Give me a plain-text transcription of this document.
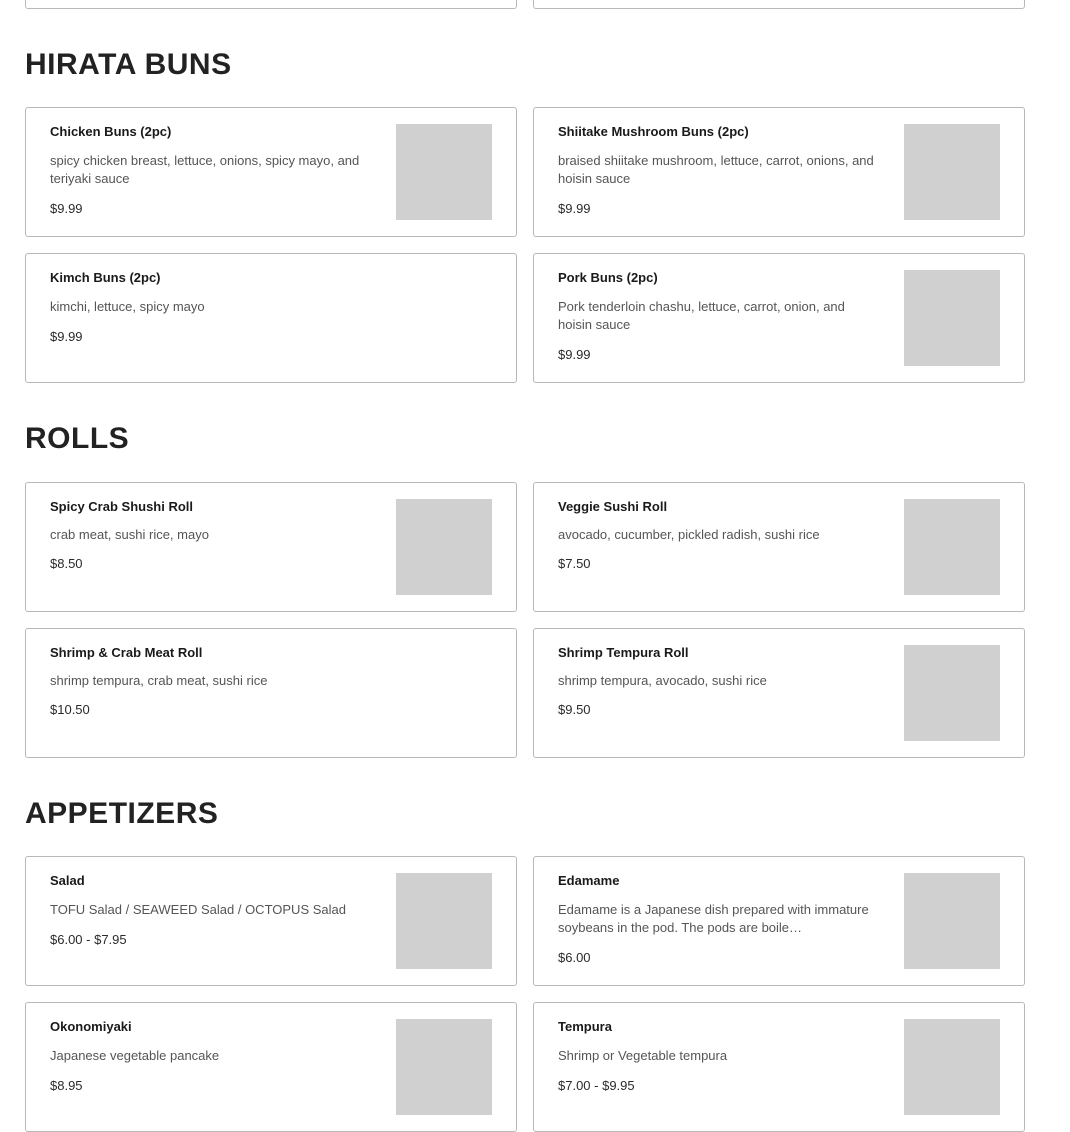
HIRATA BUNS
Chicken Buns (2pc)
spicy chicken breast, lettuce, onions, spicy mayo, and teriyaki sauce
$9.99
Shiitake Mushroom Buns (2pc)
braised shiitake mushroom, lettuce, carrot, onions, and hoisin sauce
$9.99
Kimch Buns (2pc)
kimchi, lettuce, spicy mayo
$9.99
Pork Buns (2pc)
Pork tenderloin chashu, lettuce, carrot, onion, and hoisin sauce
$9.99
ROLLS
Spicy Crab Shushi Roll
crab meat, sushi rice, mayo
$8.50
Veggie Sushi Roll
avocado, cucumber, pickled radish, sushi rice
$7.50
Shrimp & Crab Meat Roll
shrimp tempura, crab meat, sushi rice
$10.50
Shrimp Tempura Roll
shrimp tempura, avocado, sushi rice
$9.50
APPETIZERS
Salad
TOFU Salad / SEAWEED Salad / OCTOPUS Salad
$6.00 - $7.95
Edamame
Edamame is a Japanese dish prepared with immature soybeans in the pod. The pods are boile…
$6.00
Okonomiyaki
Japanese vegetable pancake
$8.95
Tempura
Shrimp or Vegetable tempura
$7.00 - $9.95
